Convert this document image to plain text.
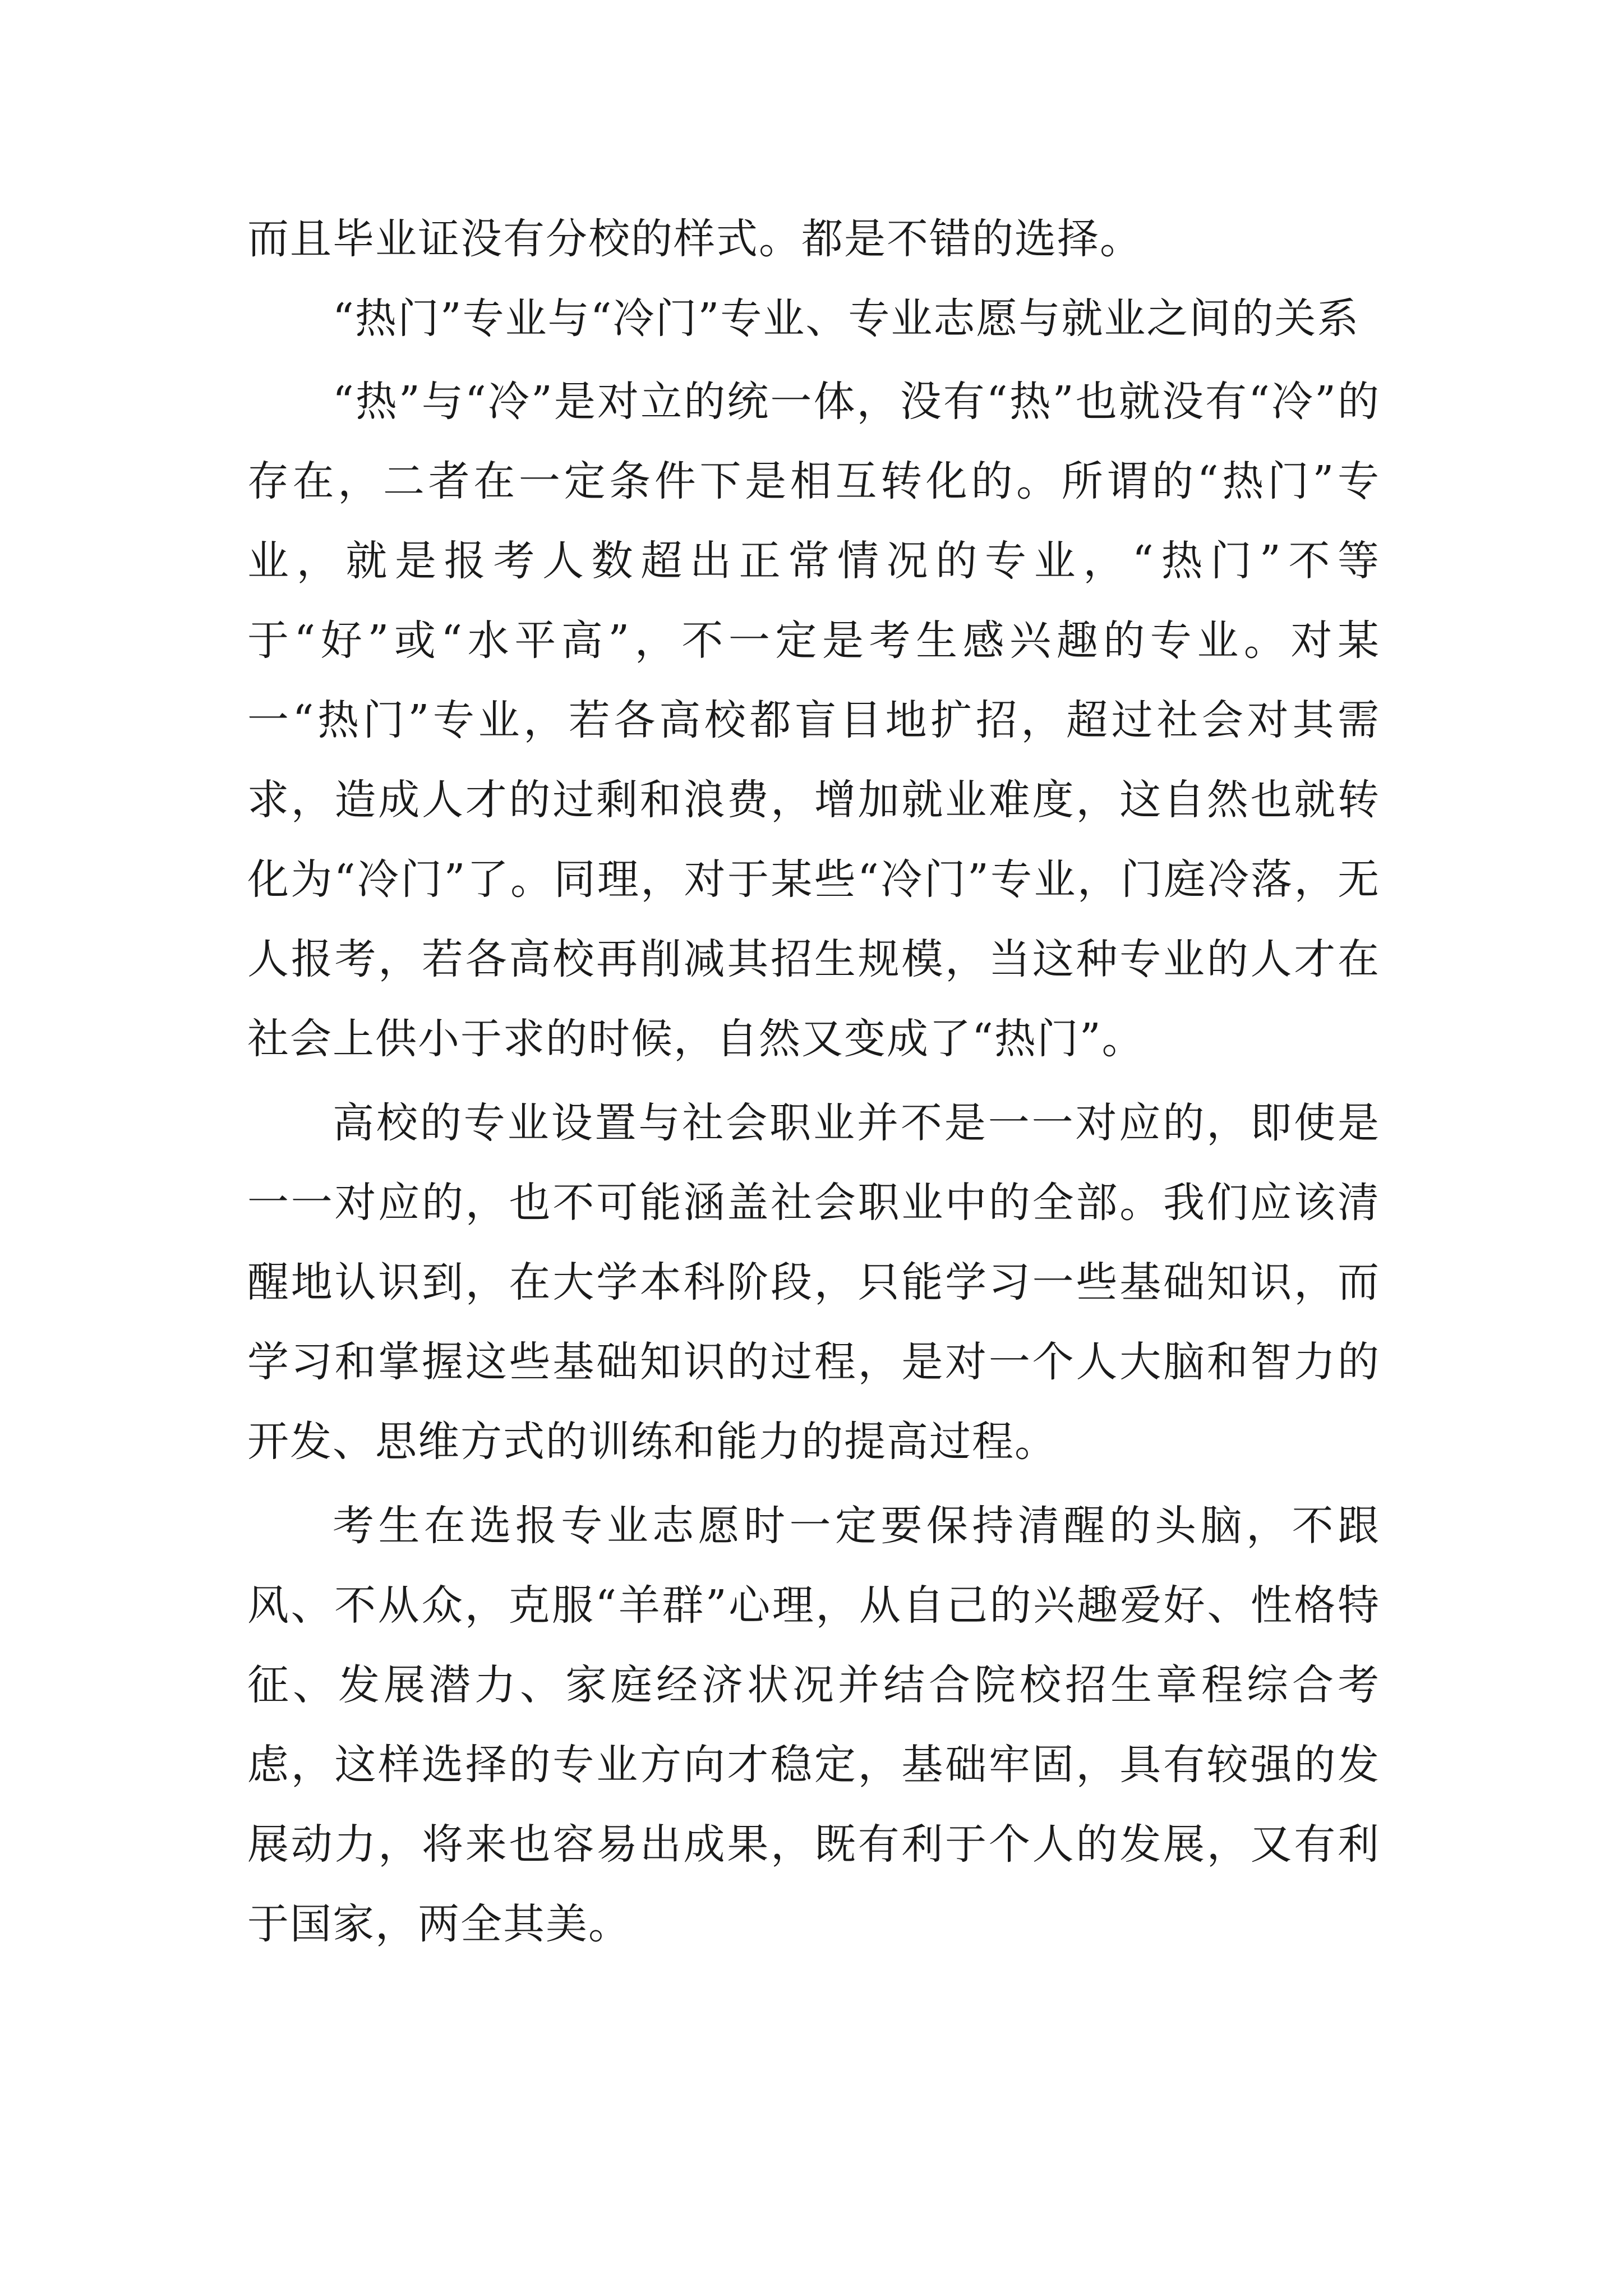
而且毕业证没有分校的样式。都是不错的选择。

“热门”专业与“冷门”专业、专业志愿与就业之间的关系

“热”与“冷”是对立的统一体，没有“热”也就没有“冷”的存在，二者在一定条件下是相互转化的。所谓的“热门”专业，就是报考人数超出正常情况的专业，“热门”不等于“好”或“水平高”，不一定是考生感兴趣的专业。对某一“热门”专业，若各高校都盲目地扩招，超过社会对其需求，造成人才的过剩和浪费，增加就业难度，这自然也就转化为“冷门”了。同理，对于某些“冷门”专业，门庭冷落，无人报考，若各高校再削减其招生规模，当这种专业的人才在社会上供小于求的时候，自然又变成了“热门”。

高校的专业设置与社会职业并不是一一对应的，即使是一一对应的，也不可能涵盖社会职业中的全部。我们应该清醒地认识到，在大学本科阶段，只能学习一些基础知识，而学习和掌握这些基础知识的过程，是对一个人大脑和智力的开发、思维方式的训练和能力的提高过程。

考生在选报专业志愿时一定要保持清醒的头脑，不跟风、不从众，克服“羊群”心理，从自己的兴趣爱好、性格特征、发展潜力、家庭经济状况并结合院校招生章程综合考虑，这样选择的专业方向才稳定，基础牢固，具有较强的发展动力，将来也容易出成果，既有利于个人的发展，又有利于国家，两全其美。
